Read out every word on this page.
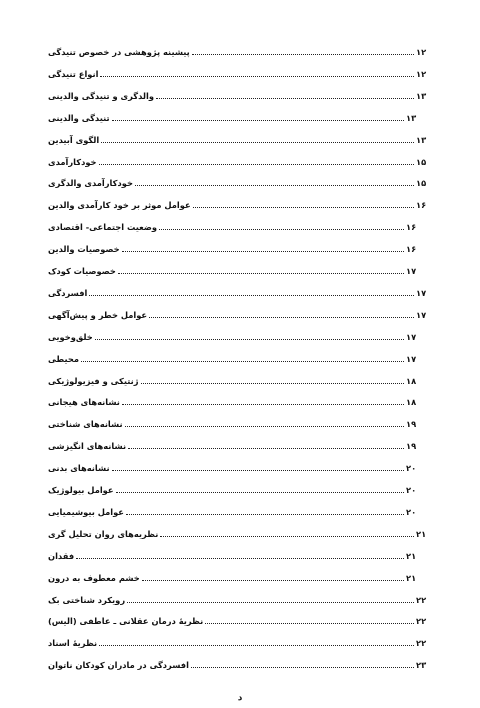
پیشینه پژوهشی در خصوص تنیدگی	۱۲
انواع تنیدگی	۱۲
والدگری و تنیدگی والدینی	۱۳
تنیدگی والدینی	۱۳
الگوی آبیدین	۱۳
خودکارآمدی	۱۵
خودکارآمدی والدگری	۱۵
عوامل موثر بر خود کارآمدی والدین	۱۶
وضعیت اجتماعی- اقتصادی	۱۶
خصوصیات والدین	۱۶
خصوصیات کودک	۱۷
افسردگی	۱۷
عوامل خطر و پیش‌آگهی	۱۷
خلق‌وخویی	۱۷
محیطی	۱۷
ژنتیکی و فیزیولوژیکی	۱۸
نشانه‌های هیجانی	۱۸
نشانه‌های شناختی	۱۹
نشانه‌های انگیزشی	۱۹
نشانه‌های بدنی	۲۰
عوامل بیولوژیک	۲۰
عوامل بیوشیمیایی	۲۰
نظریه‌های روان تحلیل گری	۲۱
فقدان	۲۱
خشم معطوف به درون	۲۱
رویکرد شناختی بک	۲۲
نظریۀ درمان عقلانی ـ عاطفی (الیس)	۲۲
نظریۀ اسناد	۲۲
افسردگی در مادران کودکان ناتوان	۲۳
د
